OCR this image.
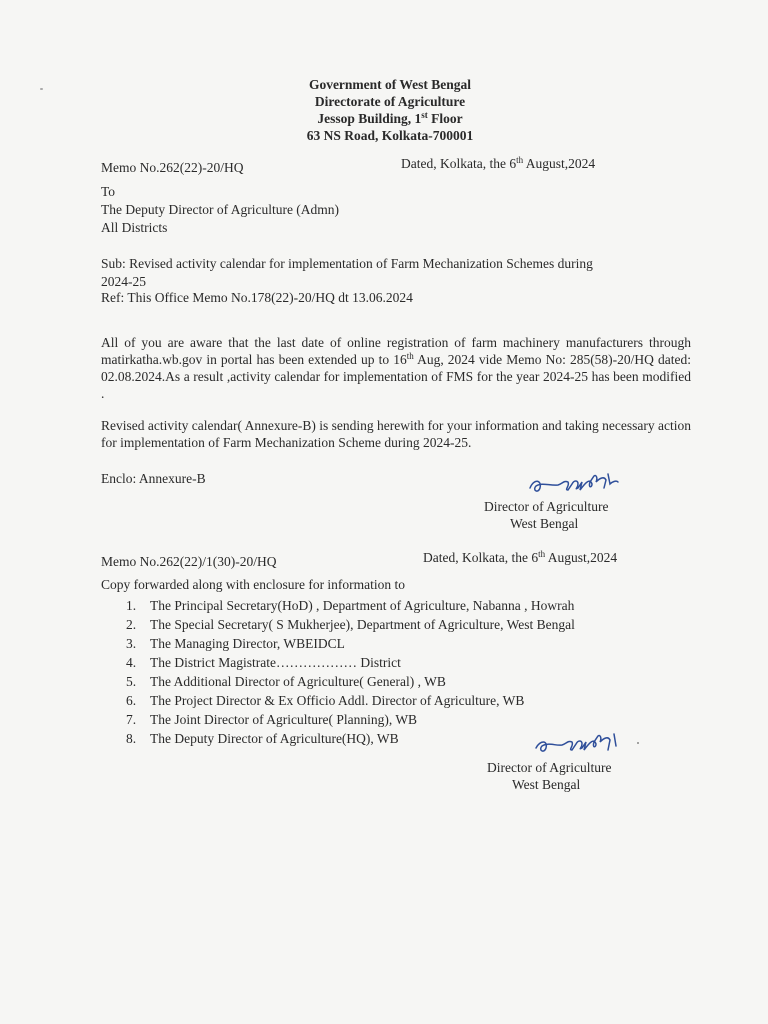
Government of West Bengal
Directorate of Agriculture
Jessop Building, 1st Floor
63 NS Road, Kolkata-700001
Memo No.262(22)-20/HQ	Dated, Kolkata, the 6th August,2024
To
The Deputy Director of Agriculture (Admn)
All Districts
Sub: Revised activity calendar for implementation of Farm Mechanization Schemes during
2024-25
Ref: This Office Memo No.178(22)-20/HQ dt 13.06.2024
All of you are aware that the last date of online registration of farm machinery manufacturers through matirkatha.wb.gov in portal has been extended up to 16th Aug, 2024 vide Memo No: 285(58)-20/HQ dated: 02.08.2024.As a result ,activity calendar for implementation of FMS for the year 2024-25 has been modified .
Revised activity calendar( Annexure-B) is sending herewith for your information and taking necessary action for implementation of Farm Mechanization Scheme during 2024-25.
Enclo: Annexure-B
Director of Agriculture
West Bengal
Memo No.262(22)/1(30)-20/HQ	Dated, Kolkata, the 6th August,2024
Copy forwarded along with enclosure for information to
1.	The Principal Secretary(HoD) , Department of Agriculture, Nabanna , Howrah
2.	The Special Secretary( S Mukherjee), Department of Agriculture, West Bengal
3.	The Managing Director, WBEIDCL
4.	The District Magistrate……………… District
5.	The Additional Director of Agriculture( General) , WB
6.	The Project Director & Ex Officio Addl. Director of Agriculture, WB
7.	The Joint Director of Agriculture( Planning), WB
8.	The Deputy Director of Agriculture(HQ), WB
Director of Agriculture
West Bengal
